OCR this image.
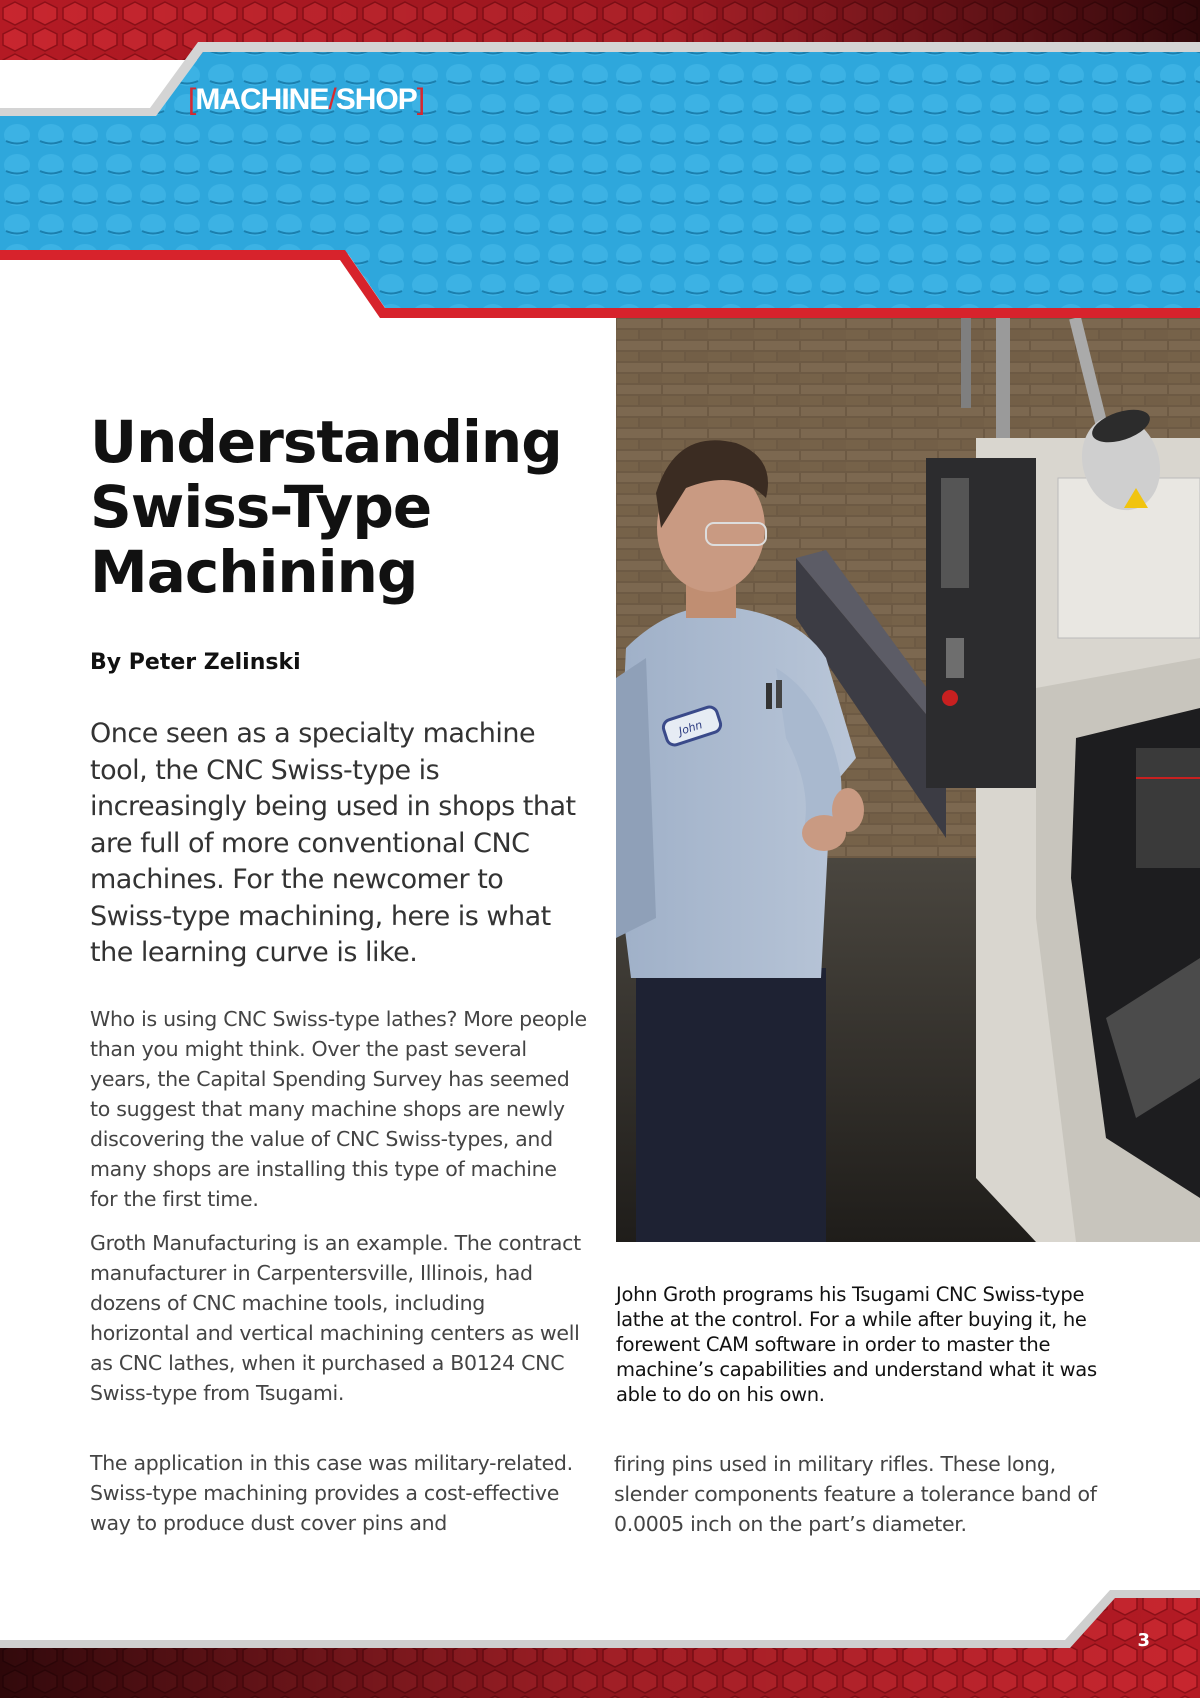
[MACHINE/SHOP]
John
Understanding
Swiss-Type
Machining
By Peter Zelinski

Once seen as a specialty machine tool, the CNC Swiss-type is increasingly being used in shops that are full of more conventional CNC machines. For the newcomer to Swiss-type machining, here is what the learning curve is like.

Who is using CNC Swiss-type lathes? More people than you might think. Over the past several years, the Capital Spending Survey has seemed to suggest that many machine shops are newly discovering the value of CNC Swiss-types, and many shops are installing this type of machine for the first time.

Groth Manufacturing is an example. The contract manufacturer in Carpentersville, Illinois, had dozens of CNC machine tools, including horizontal and vertical machining centers as well as CNC lathes, when it purchased a B0124 CNC Swiss-type from Tsugami.

The application in this case was military-related. Swiss-type machining provides a cost-effective way to produce dust cover pins and

firing pins used in military rifles. These long, slender components feature a tolerance band of 0.0005 inch on the part’s diameter.

John Groth programs his Tsugami CNC Swiss-type lathe at the control. For a while after buying it, he forewent CAM software in order to master the machine’s capabilities and understand what it was able to do on his own.

3
